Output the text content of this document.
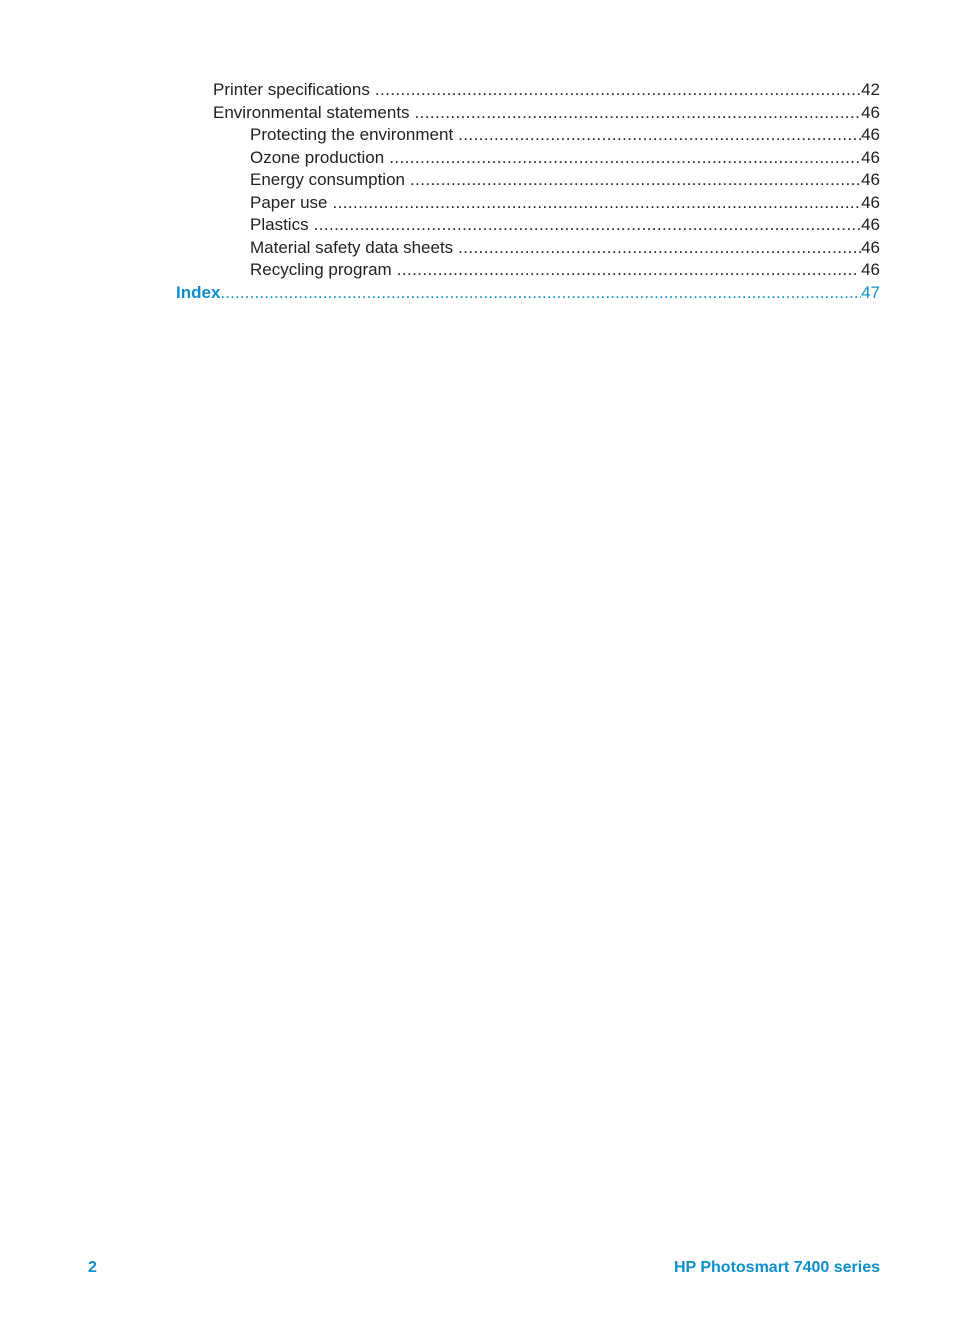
Printer specifications .....	42
Environmental statements .....	46
Protecting the environment .....	46
Ozone production .....	46
Energy consumption .....	46
Paper use .....	46
Plastics .....	46
Material safety data sheets .....	46
Recycling program .....	46
Index .....	47
2	HP Photosmart 7400 series
